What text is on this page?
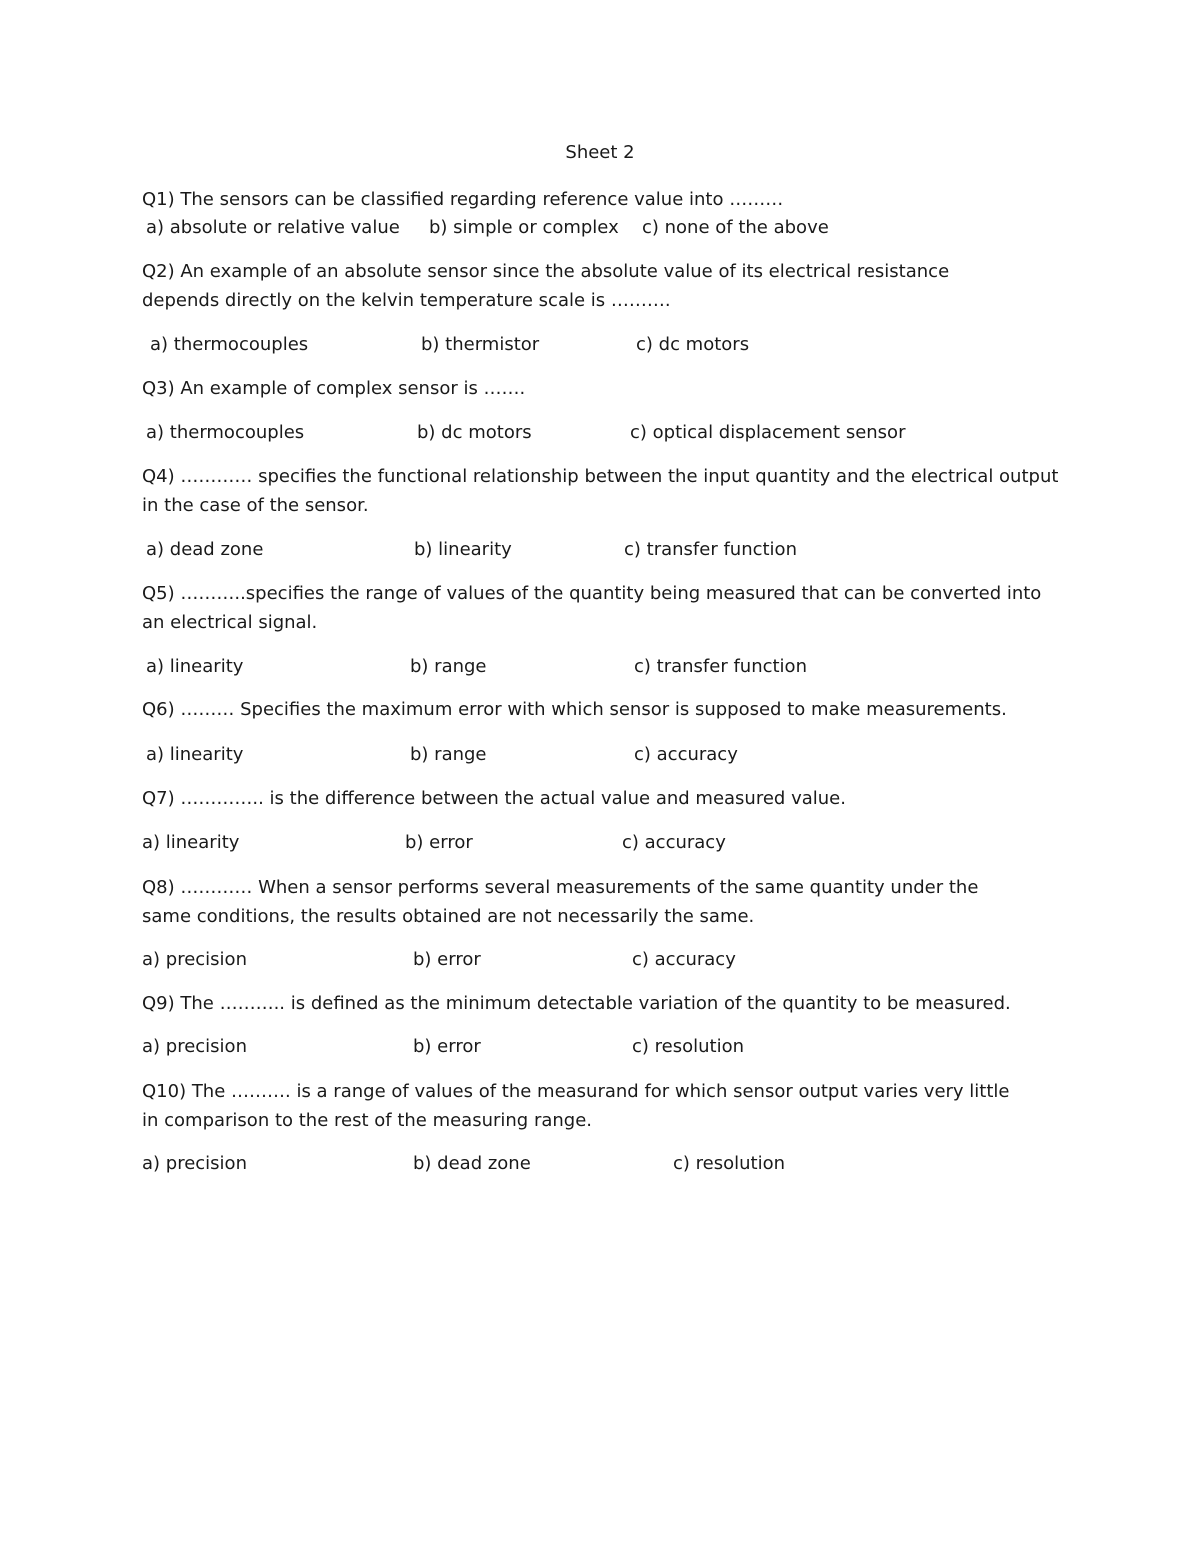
Sheet 2
Q1) The sensors can be classified regarding reference value into ………
a) absolute or relative value b) simple or complex c) none of the above
Q2) An example of an absolute sensor since the absolute value of its electrical resistance depends directly on the kelvin temperature scale is ……….
a) thermocouples	b) thermistor	c) dc motors
Q3) An example of complex sensor is …….
a) thermocouples	b) dc motors	c) optical displacement sensor
Q4) ………… specifies the functional relationship between the input quantity and the electrical output in the case of the sensor.
a) dead zone	b) linearity	c) transfer function
Q5) ………..specifies the range of values of the quantity being measured that can be converted into an electrical signal.
a) linearity	b) range	c) transfer function
Q6) ……… Specifies the maximum error with which sensor is supposed to make measurements.
a) linearity	b) range	c) accuracy
Q7) ………….. is the difference between the actual value and measured value.
a) linearity	b) error	c) accuracy
Q8) ………… When a sensor performs several measurements of the same quantity under the same conditions, the results obtained are not necessarily the same.
a) precision	b) error	c) accuracy
Q9) The ……….. is defined as the minimum detectable variation of the quantity to be measured.
a) precision	b) error	c) resolution
Q10) The ………. is a range of values of the measurand for which sensor output varies very little in comparison to the rest of the measuring range.
a) precision	b) dead zone	c) resolution
